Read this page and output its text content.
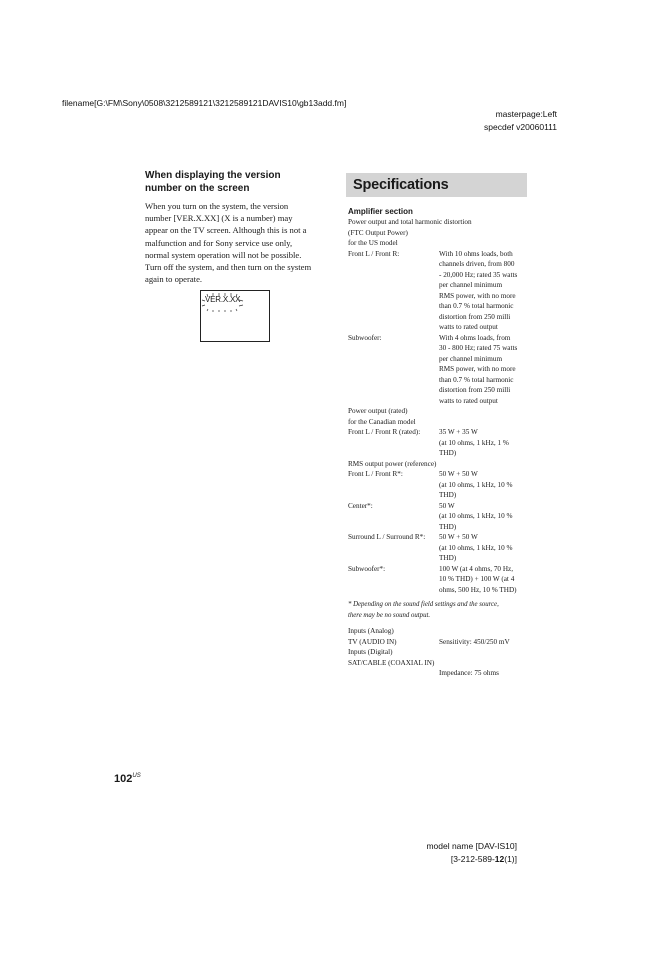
filename[G:\FM\Sony\0508\3212589121\3212589121DAVIS10\gb13add.fm]
masterpage:Left
specdef v20060111
When displaying the version
number on the screen

When you turn on the system, the version
number [VER.X.XX] (X is a number) may
appear on the TV screen. Although this is not a
malfunction and for Sony service use only,
normal system operation will not be possible.
Turn off the system, and then turn on the system
again to operate.

VER.X.XX
Specifications
Amplifier section
Power output and total harmonic distortion
(FTC Output Power)
for the US model
Front L / Front R:	With 10 ohms loads, both
channels driven, from 800
- 20,000 Hz; rated 35 watts
per channel minimum
RMS power, with no more
than 0.7 % total harmonic
distortion from 250 milli
watts to rated output
Subwoofer:	With 4 ohms loads, from
30 - 800 Hz; rated 75 watts
per channel minimum
RMS power, with no more
than 0.7 % total harmonic
distortion from 250 milli
watts to rated output
Power output (rated)
for the Canadian model
Front L / Front R (rated):	35 W + 35 W
(at 10 ohms, 1 kHz, 1 %
THD)
RMS output power (reference)
Front L / Front R*:	50 W + 50 W
(at 10 ohms, 1 kHz, 10 %
THD)
Center*:	50 W
(at 10 ohms, 1 kHz, 10 %
THD)
Surround L / Surround R*:	50 W + 50 W
(at 10 ohms, 1 kHz, 10 %
THD)
Subwoofer*:	100 W (at 4 ohms, 70 Hz,
10 % THD) + 100 W (at 4
ohms, 500 Hz, 10 % THD)
* Depending on the sound field settings and the source,
there may be no sound output.
Inputs (Analog)
TV (AUDIO IN)	Sensitivity: 450/250 mV
Inputs (Digital)
SAT/CABLE (COAXIAL IN)
Impedance: 75 ohms
$102^{US}$
model name [DAV-IS10]
[3-212-589-12(1)]
